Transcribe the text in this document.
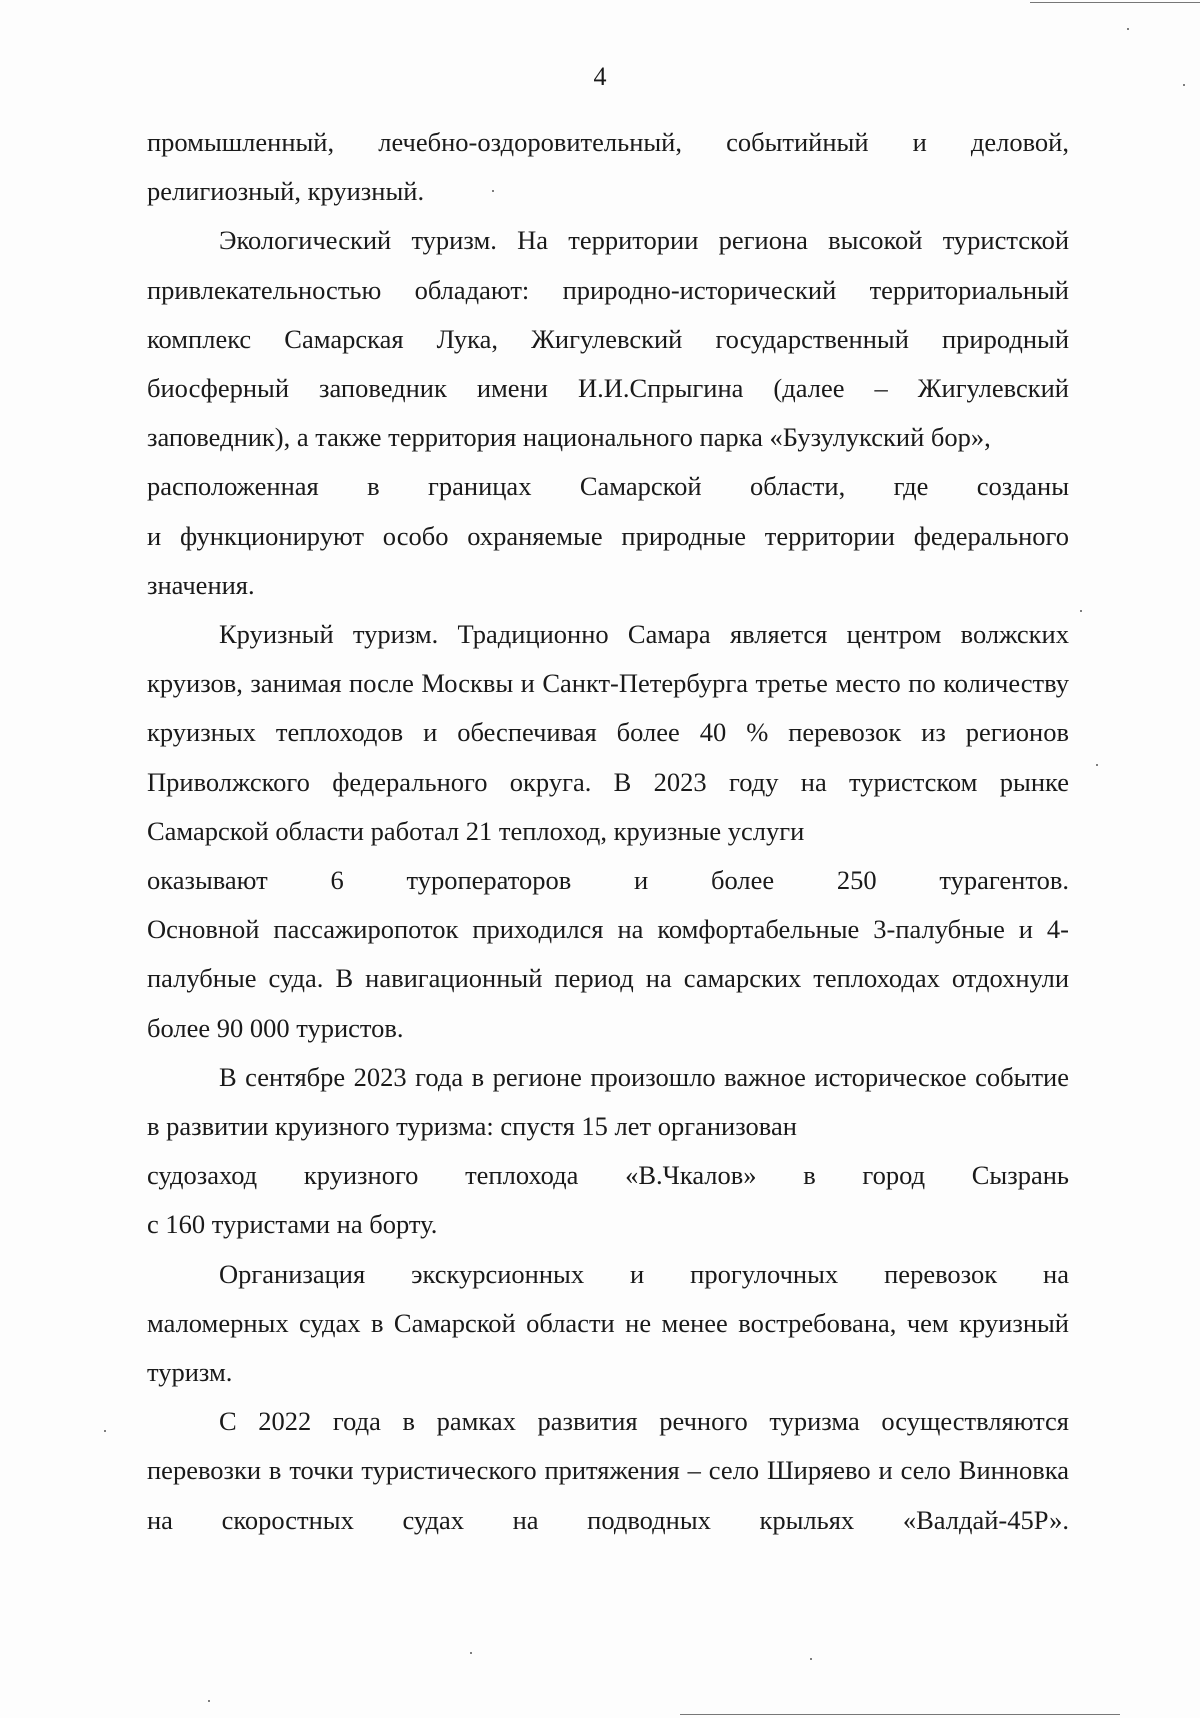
4

промышленный, лечебно-оздоровительный, событийный и деловой,
религиозный, круизный.

Экологический туризм. На территории региона высокой туристской привлекательностью обладают: природно-исторический территориальный комплекс Самарская Лука, Жигулевский государственный природный биосферный заповедник имени И.И.Спрыгина (далее – Жигулевский заповедник), а также территория национального парка «Бузулукский бор»,
расположенная в границах Самарской области, где созданы
и функционируют особо охраняемые природные территории федерального значения.

Круизный туризм. Традиционно Самара является центром волжских круизов, занимая после Москвы и Санкт-Петербурга третье место по количеству круизных теплоходов и обеспечивая более 40 % перевозок из регионов Приволжского федерального округа. В 2023 году на туристском рынке Самарской области работал 21 теплоход, круизные услуги
оказывают 6 туроператоров и более 250 турагентов.
Основной пассажиропоток приходился на комфортабельные 3-палубные и 4-палубные суда. В навигационный период на самарских теплоходах отдохнули более 90 000 туристов.

В сентябре 2023 года в регионе произошло важное историческое событие в развитии круизного туризма: спустя 15 лет организован
судозаход круизного теплохода «В.Чкалов» в город Сызрань
с 160 туристами на борту.

Организация экскурсионных и прогулочных перевозок на
маломерных судах в Самарской области не менее востребована, чем круизный туризм.

С 2022 года в рамках развития речного туризма осуществляются перевозки в точки туристического притяжения – село Ширяево и село Винновка на скоростных судах на подводных крыльях «Валдай-45Р».
